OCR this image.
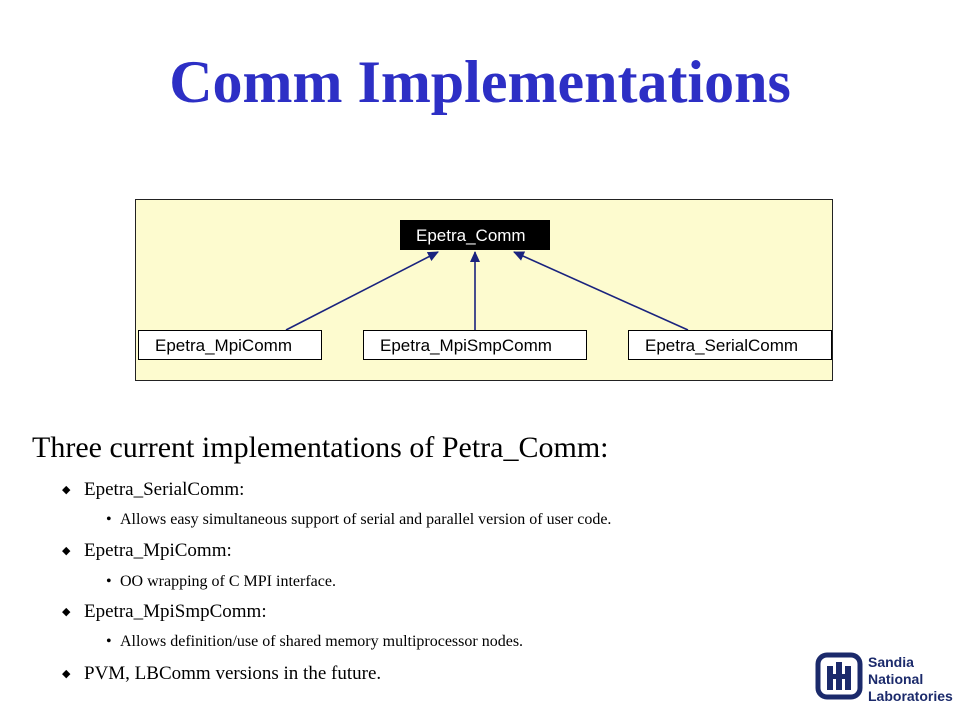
Comm Implementations
Epetra_Comm
Epetra_MpiComm	Epetra_MpiSmpComm	Epetra_SerialComm
Three current implementations of Petra_Comm:
◆ Epetra_SerialComm:
• Allows easy simultaneous support of serial and parallel version of user code.
◆ Epetra_MpiComm:
• OO wrapping of C MPI interface.
◆ Epetra_MpiSmpComm:
• Allows definition/use of shared memory multiprocessor nodes.
◆ PVM, LBComm versions in the future.
Sandia
National
Laboratories
